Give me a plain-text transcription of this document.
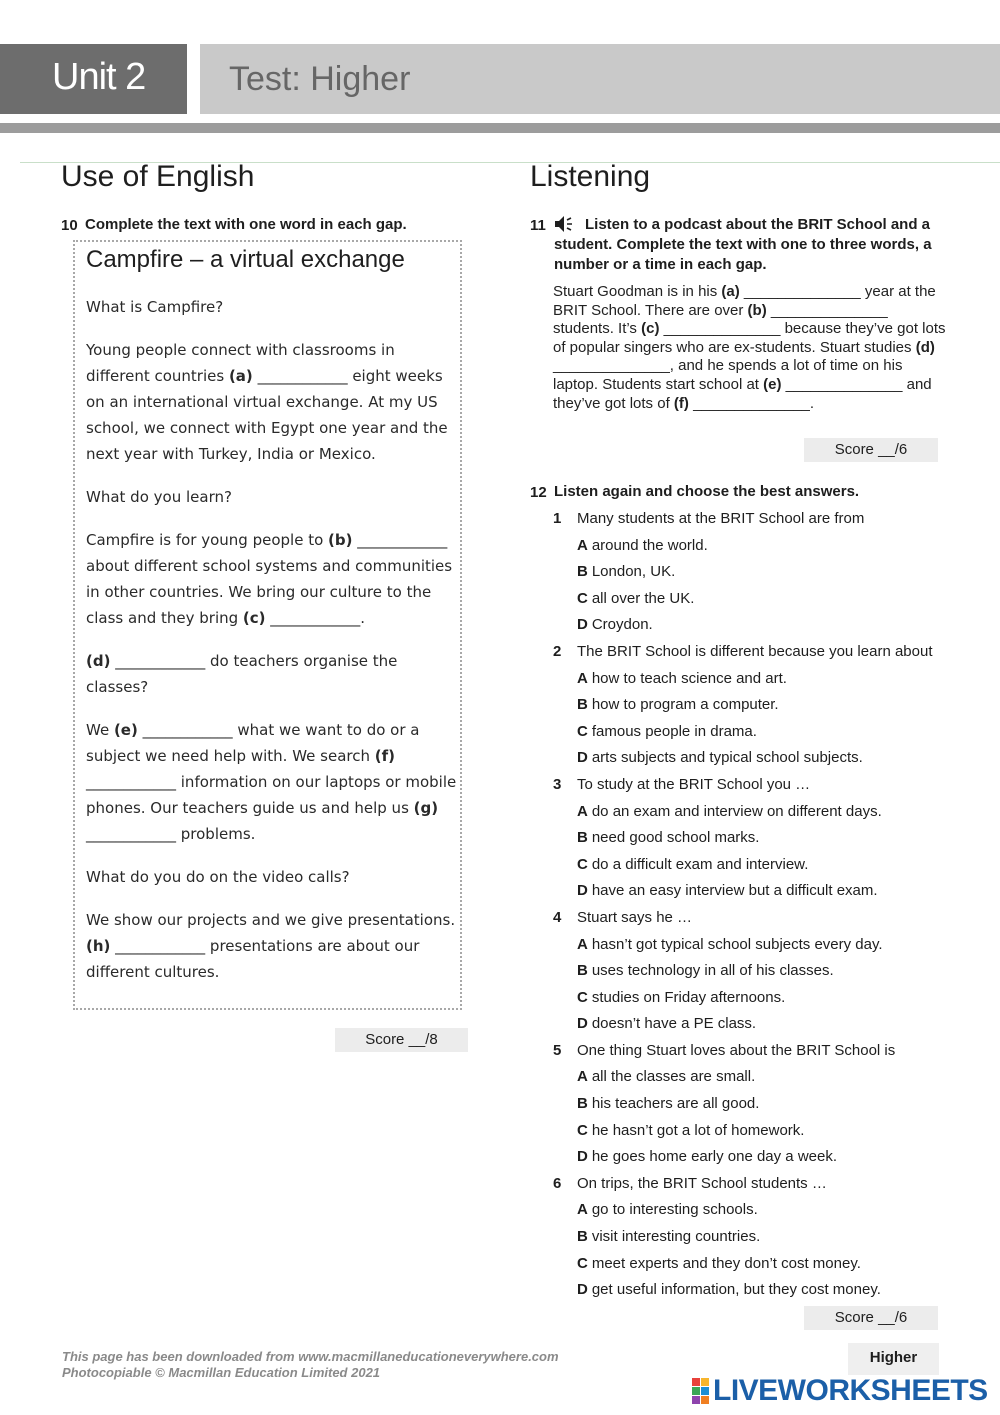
Unit 2 Test: Higher
Use of English
10 Complete the text with one word in each gap.
Campfire – a virtual exchange

What is Campfire?

Young people connect with classrooms in different countries (a) ____________ eight weeks on an international virtual exchange. At my US school, we connect with Egypt one year and the next year with Turkey, India or Mexico.

What do you learn?

Campfire is for young people to (b) ____________ about different school systems and communities in other countries. We bring our culture to the class and they bring (c) ____________.

(d) ____________ do teachers organise the classes?

We (e) ____________ what we want to do or a subject we need help with. We search (f) ____________ information on our laptops or mobile phones. Our teachers guide us and help us (g) ____________ problems.

What do you do on the video calls?

We show our projects and we give presentations. (h) ____________ presentations are about our different cultures.

Score __/8
Listening
11	Listen to a podcast about the BRIT School and a student. Complete the text with one to three words, a number or a time in each gap.
Stuart Goodman is in his (a) ______________ year at the BRIT School. There are over (b) ______________ students. It’s (c) ______________ because they’ve got lots of popular singers who are ex-students. Stuart studies (d) ______________, and he spends a lot of time on his laptop. Students start school at (e) ______________ and they’ve got lots of (f) ______________.
Score __/6
12 Listen again and choose the best answers.
1 Many students at the BRIT School are from
A around the world.
B London, UK.
C all over the UK.
D Croydon.
2 The BRIT School is different because you learn about
A how to teach science and art.
B how to program a computer.
C famous people in drama.
D arts subjects and typical school subjects.
3 To study at the BRIT School you …
A do an exam and interview on different days.
B need good school marks.
C do a difficult exam and interview.
D have an easy interview but a difficult exam.
4 Stuart says he …
A hasn’t got typical school subjects every day.
B uses technology in all of his classes.
C studies on Friday afternoons.
D doesn’t have a PE class.
5 One thing Stuart loves about the BRIT School is
A all the classes are small.
B his teachers are all good.
C he hasn’t got a lot of homework.
D he goes home early one day a week.
6 On trips, the BRIT School students …
A go to interesting schools.
B visit interesting countries.
C meet experts and they don’t cost money.
D get useful information, but they cost money.
Score __/6
This page has been downloaded from www.macmillaneducationeverywhere.com
Photocopiable © Macmillan Education Limited 2021
Higher
LIVEWORKSHEETS
